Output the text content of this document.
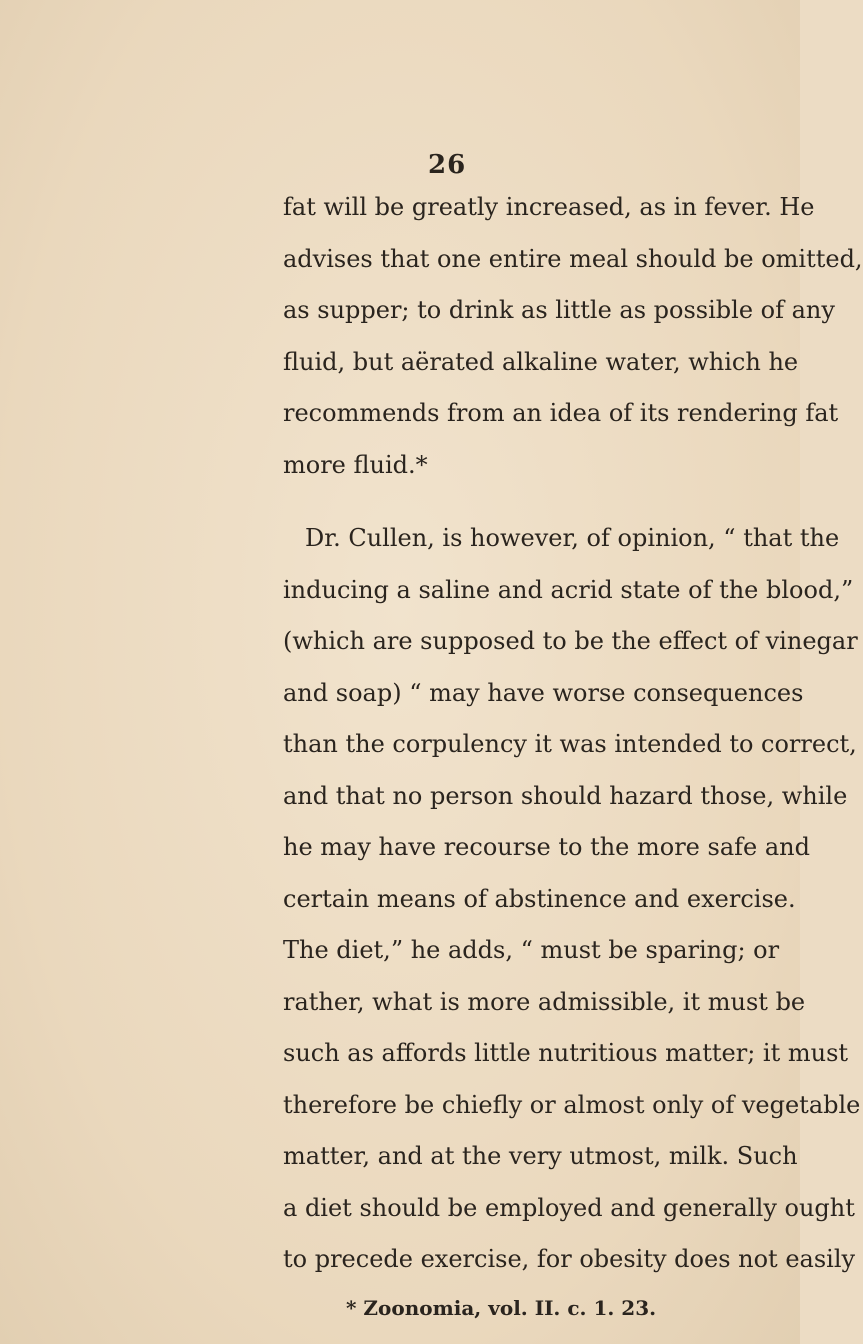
26
fat will be greatly increased, as in fever. He
advises that one entire meal should be omitted,
as supper; to drink as little as possible of any
fluid, but aërated alkaline water, which he
recommends from an idea of its rendering fat
more fluid.*
Dr. Cullen, is however, of opinion, “ that the
inducing a saline and acrid state of the blood,”
(which are supposed to be the effect of vinegar
and soap) “ may have worse consequences
than the corpulency it was intended to correct,
and that no person should hazard those, while
he may have recourse to the more safe and
certain means of abstinence and exercise.
The diet,” he adds, “ must be sparing; or
rather, what is more admissible, it must be
such as affords little nutritious matter; it must
therefore be chiefly or almost only of vegetable
matter, and at the very utmost, milk. Such
a diet should be employed and generally ought
to precede exercise, for obesity does not easily
* Zoonomia, vol. II. c. 1. 23.
